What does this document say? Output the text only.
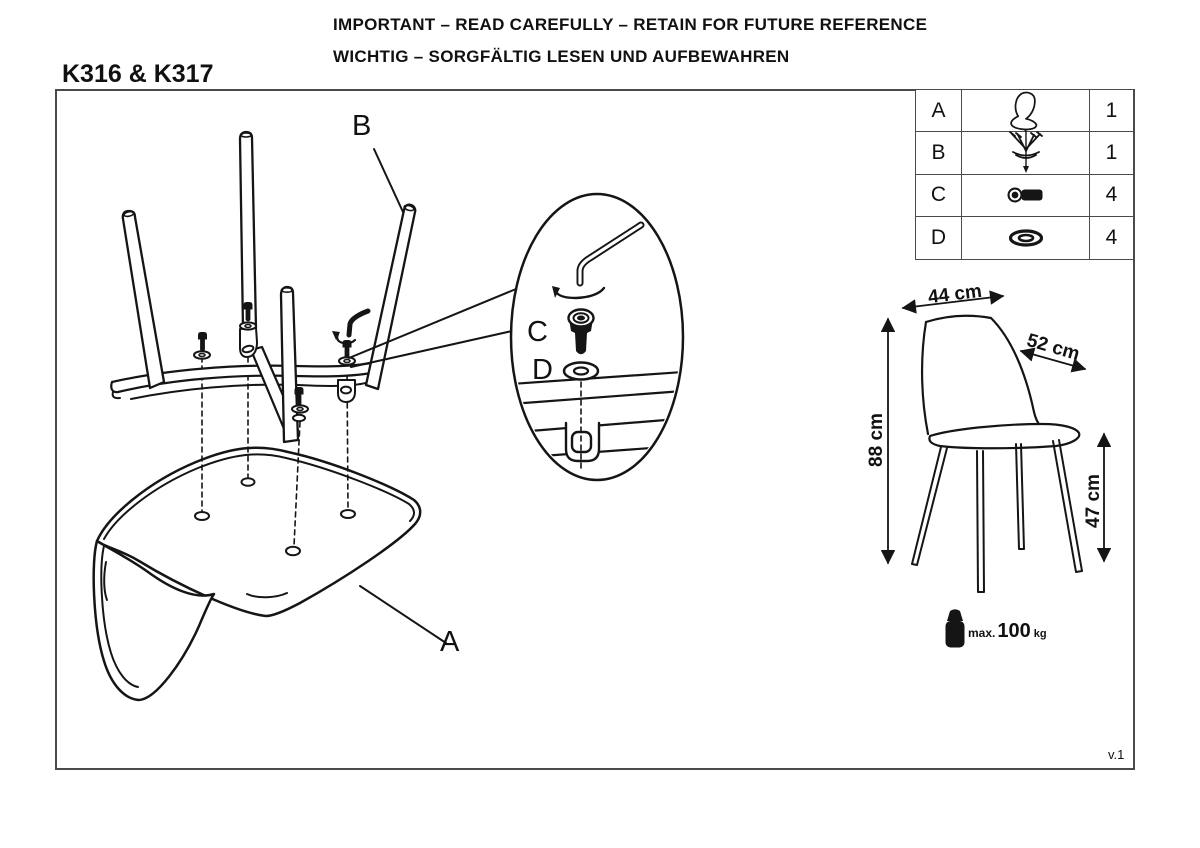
IMPORTANT – READ CAREFULLY – RETAIN FOR FUTURE REFERENCE
WICHTIG – SORGFÄLTIG LESEN UND AUFBEWAHREN
K316 & K317
A
B
C
D
44 cm
52 cm
88 cm
47 cm
max. 100 kg
A	1
B	1
C	4
D	4
v.1
